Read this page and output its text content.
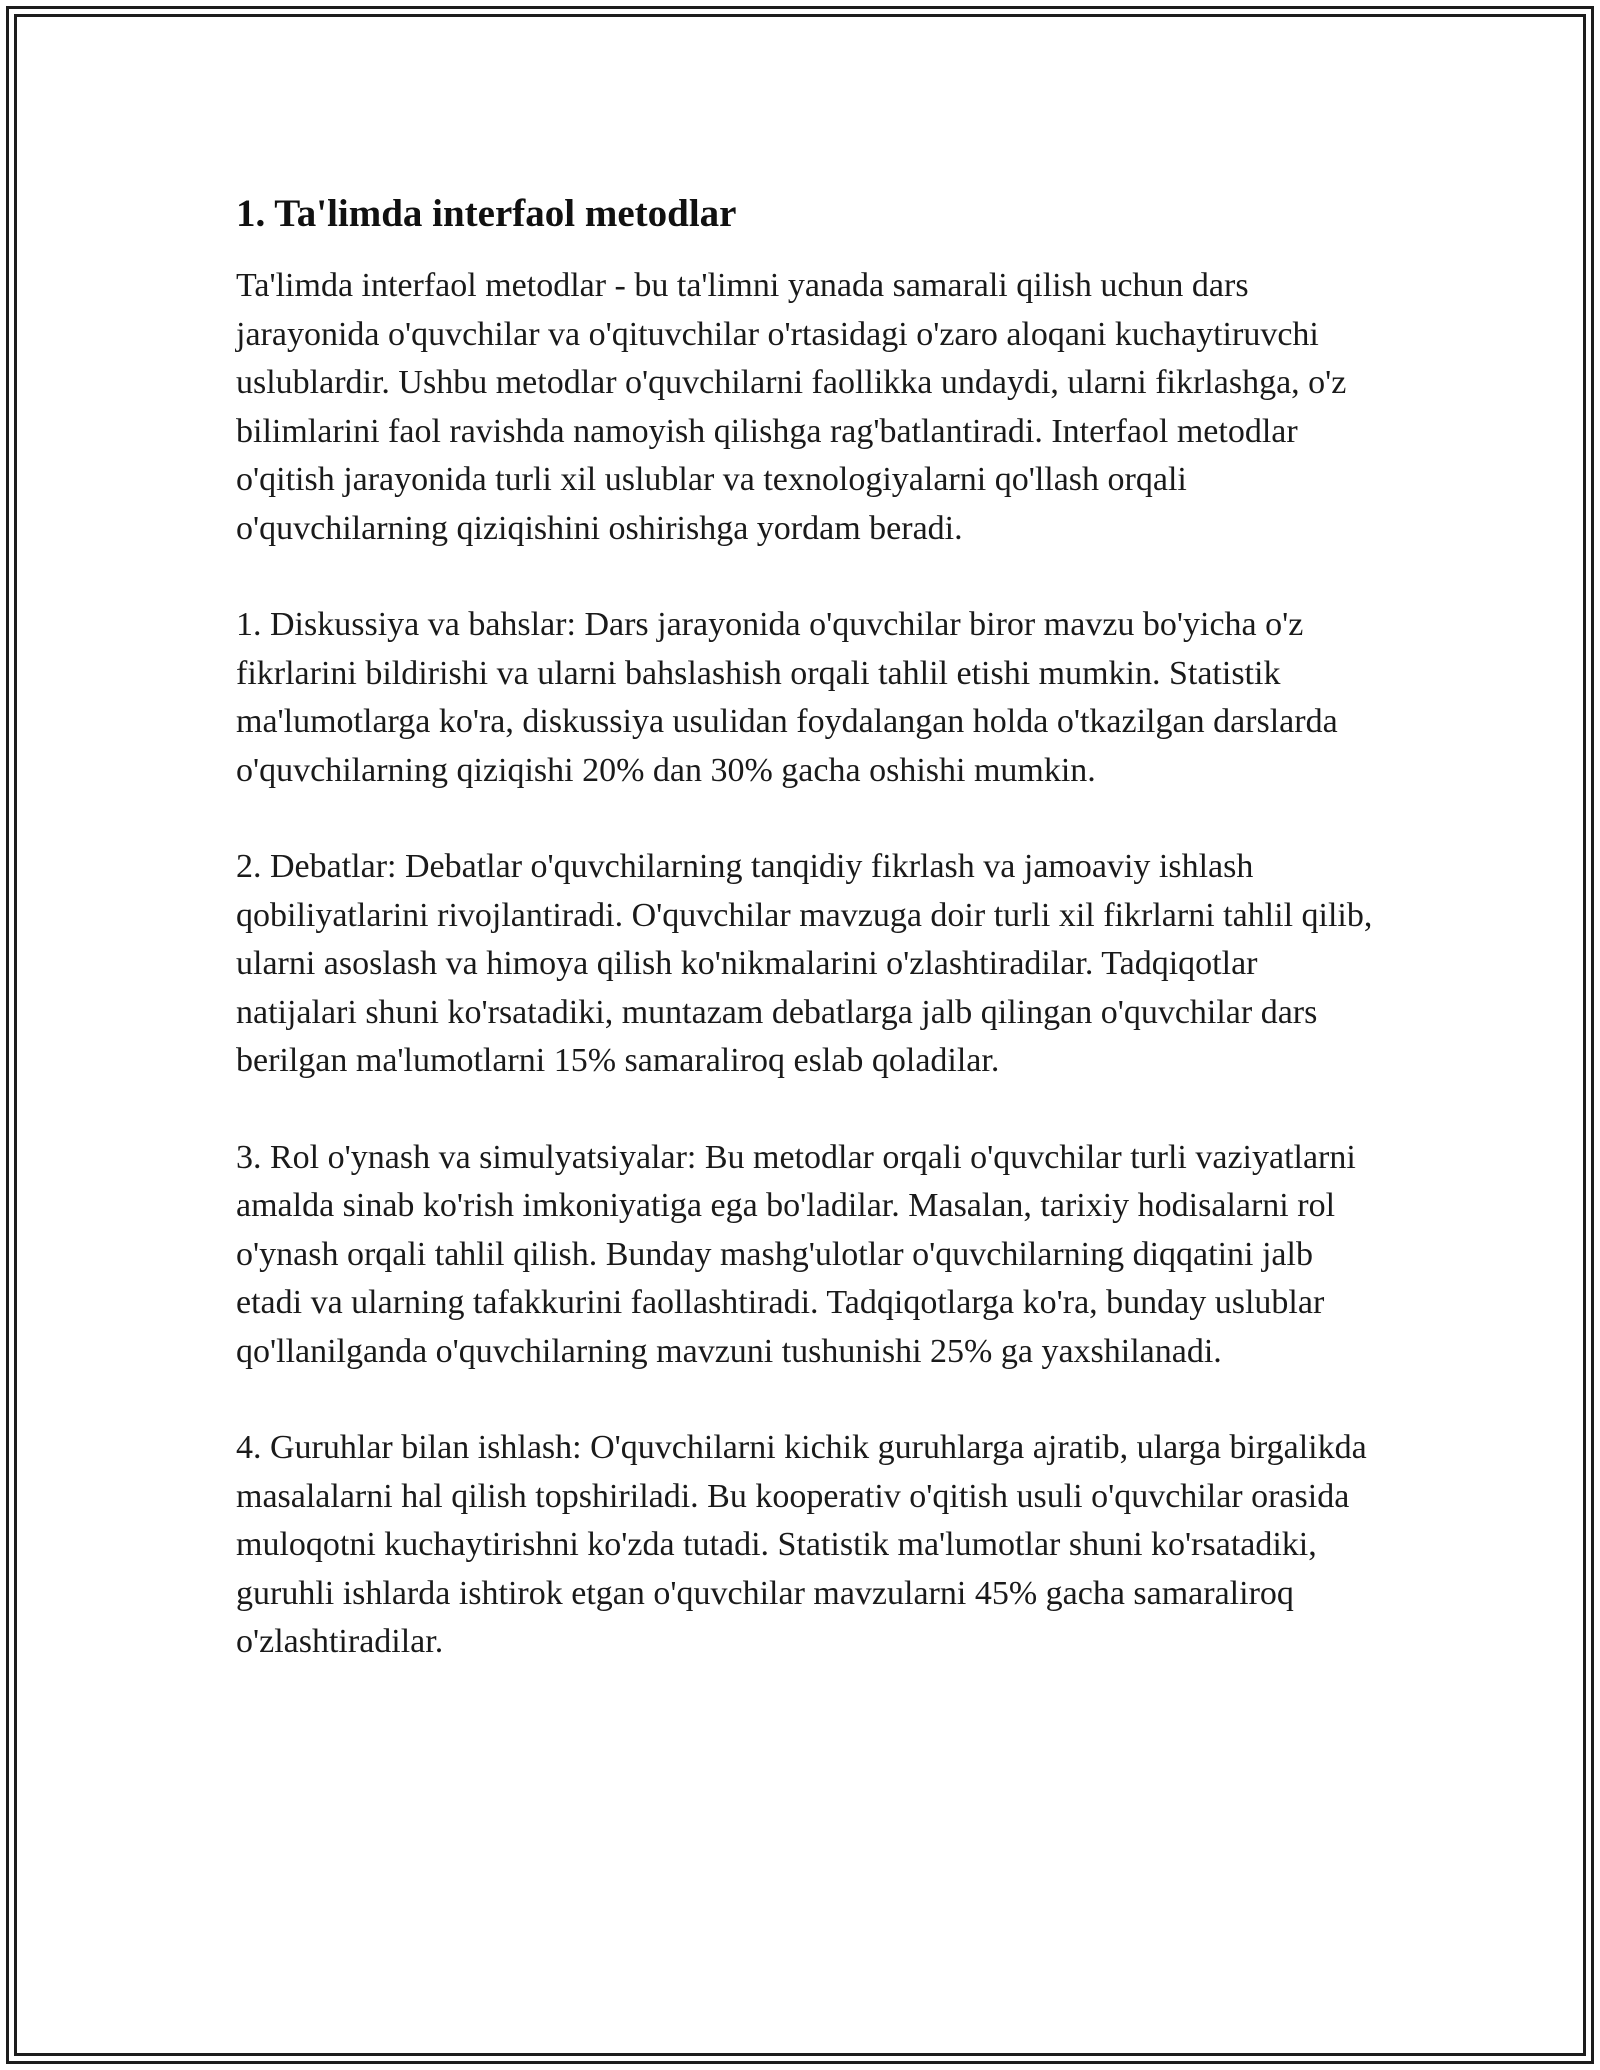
1. Ta'limda interfaol metodlar

Ta'limda interfaol metodlar - bu ta'limni yanada samarali qilish uchun dars jarayonida o'quvchilar va o'qituvchilar o'rtasidagi o'zaro aloqani kuchaytiruvchi uslublardir. Ushbu metodlar o'quvchilarni faollikka undaydi, ularni fikrlashga, o'z bilimlarini faol ravishda namoyish qilishga rag'batlantiradi. Interfaol metodlar o'qitish jarayonida turli xil uslublar va texnologiyalarni qo'llash orqali o'quvchilarning qiziqishini oshirishga yordam beradi.

1. Diskussiya va bahslar: Dars jarayonida o'quvchilar biror mavzu bo'yicha o'z fikrlarini bildirishi va ularni bahslashish orqali tahlil etishi mumkin. Statistik ma'lumotlarga ko'ra, diskussiya usulidan foydalangan holda o'tkazilgan darslarda o'quvchilarning qiziqishi 20% dan 30% gacha oshishi mumkin.

2. Debatlar: Debatlar o'quvchilarning tanqidiy fikrlash va jamoaviy ishlash qobiliyatlarini rivojlantiradi. O'quvchilar mavzuga doir turli xil fikrlarni tahlil qilib, ularni asoslash va himoya qilish ko'nikmalarini o'zlashtiradilar. Tadqiqotlar natijalari shuni ko'rsatadiki, muntazam debatlarga jalb qilingan o'quvchilar dars berilgan ma'lumotlarni 15% samaraliroq eslab qoladilar.

3. Rol o'ynash va simulyatsiyalar: Bu metodlar orqali o'quvchilar turli vaziyatlarni amalda sinab ko'rish imkoniyatiga ega bo'ladilar. Masalan, tarixiy hodisalarni rol o'ynash orqali tahlil qilish. Bunday mashg'ulotlar o'quvchilarning diqqatini jalb etadi va ularning tafakkurini faollashtiradi. Tadqiqotlarga ko'ra, bunday uslublar qo'llanilganda o'quvchilarning mavzuni tushunishi 25% ga yaxshilanadi.

4. Guruhlar bilan ishlash: O'quvchilarni kichik guruhlarga ajratib, ularga birgalikda masalalarni hal qilish topshiriladi. Bu kooperativ o'qitish usuli o'quvchilar orasida muloqotni kuchaytirishni ko'zda tutadi. Statistik ma'lumotlar shuni ko'rsatadiki, guruhli ishlarda ishtirok etgan o'quvchilar mavzularni 45% gacha samaraliroq o'zlashtiradilar.
